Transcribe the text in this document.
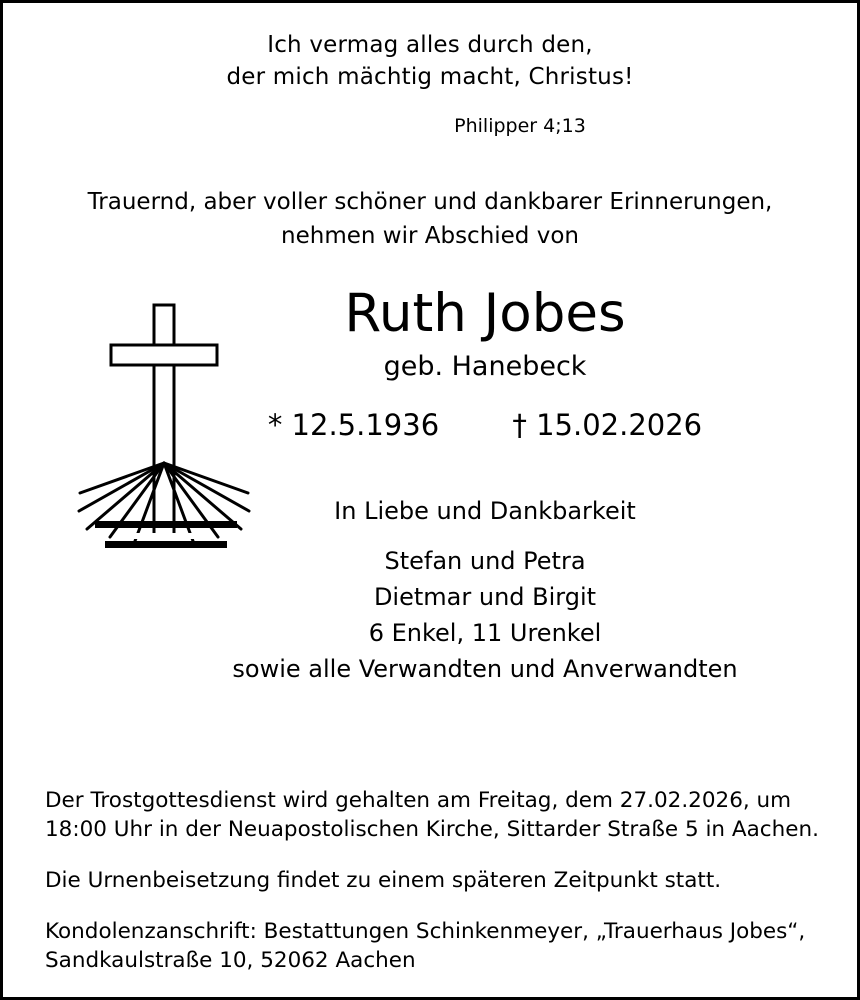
Ich vermag alles durch den,
der mich mächtig macht, Christus!
Philipper 4;13
Trauernd, aber voller schöner und dankbarer Erinnerungen,
nehmen wir Abschied von
Ruth Jobes
geb. Hanebeck
* 12.5.1936	† 15.02.2026
In Liebe und Dankbarkeit
Stefan und Petra
Dietmar und Birgit
6 Enkel, 11 Urenkel
sowie alle Verwandten und Anverwandten

Der Trostgottesdienst wird gehalten am Freitag, dem 27.02.2026, um 18:00 Uhr in der Neuapostolischen Kirche, Sittarder Straße 5 in Aachen.

Die Urnenbeisetzung findet zu einem späteren Zeitpunkt statt.

Kondolenzanschrift: Bestattungen Schinkenmeyer, „Trauerhaus Jobes“, Sandkaulstraße 10, 52062 Aachen
